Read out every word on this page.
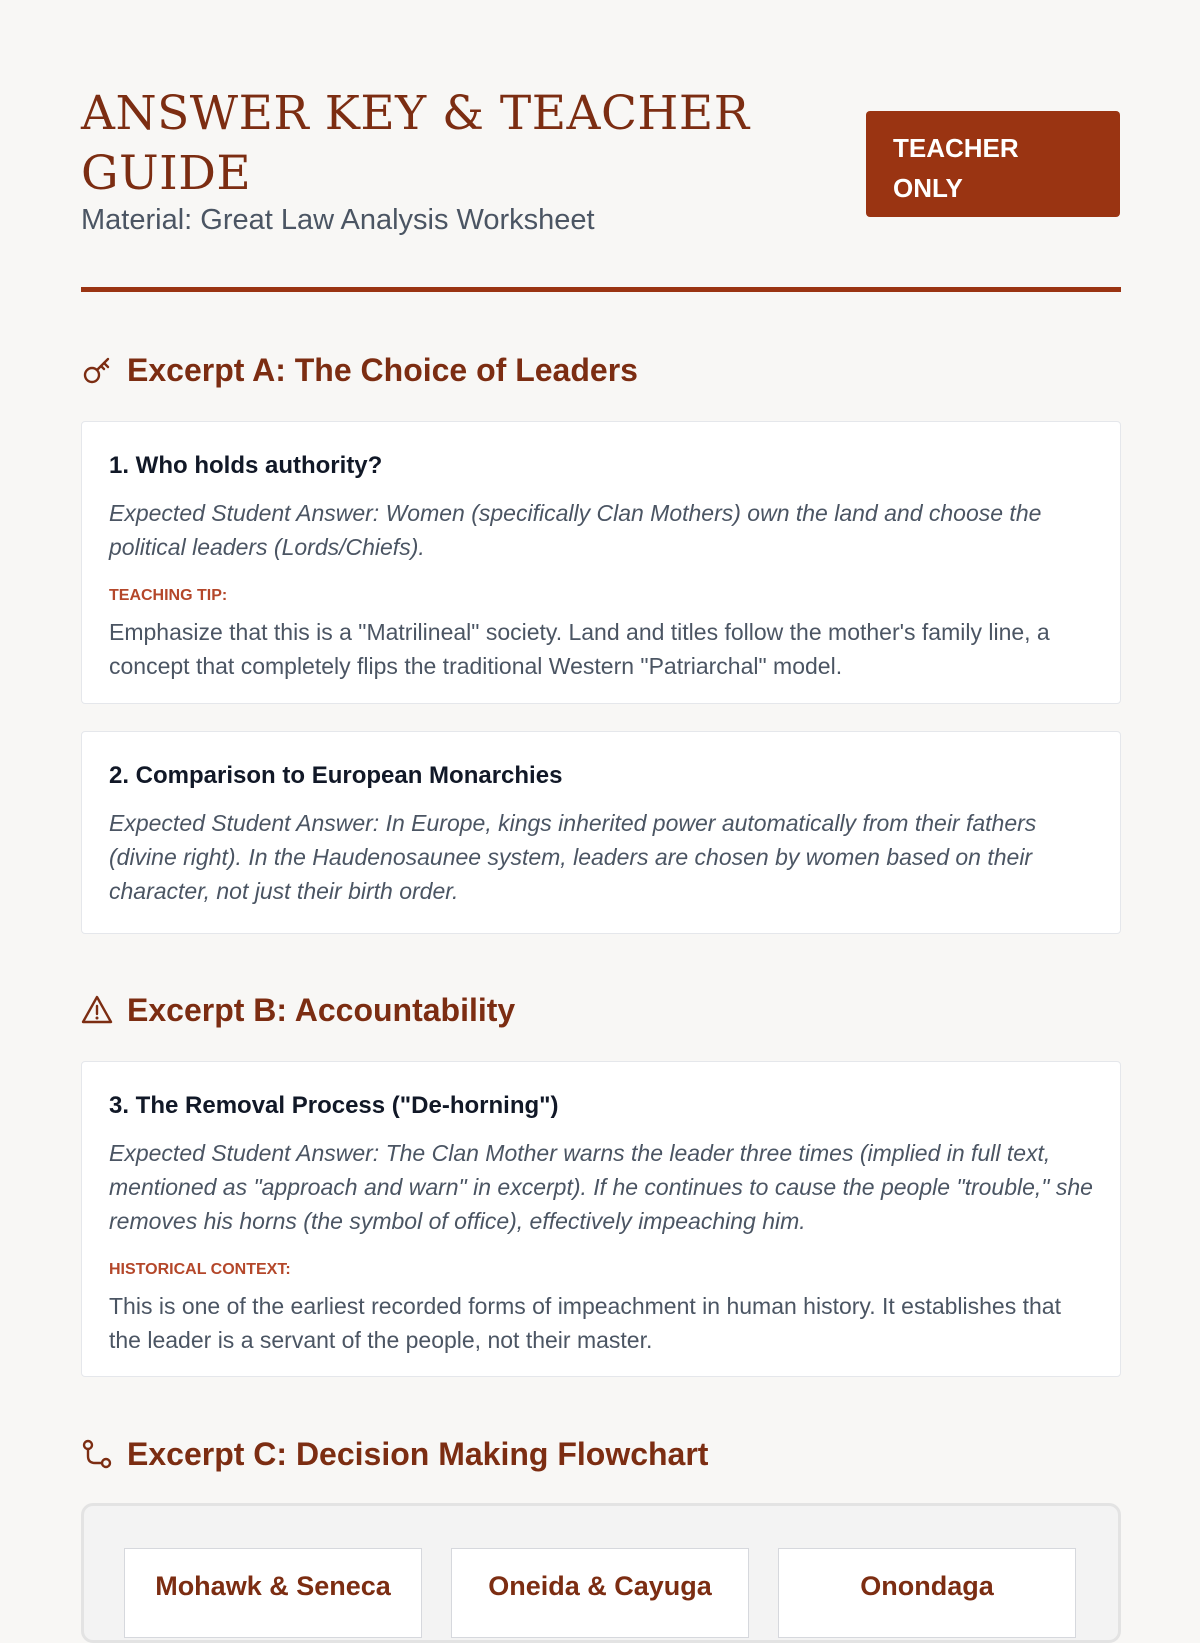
ANSWER KEY & TEACHER GUIDE

Material: Great Law Analysis Worksheet

TEACHER ONLY
Excerpt A: The Choice of Leaders

1. Who holds authority?

Expected Student Answer: Women (specifically Clan Mothers) own the land and choose the political leaders (Lords/Chiefs).

TEACHING TIP:

Emphasize that this is a "Matrilineal" society. Land and titles follow the mother's family line, a concept that completely flips the traditional Western "Patriarchal" model.

2. Comparison to European Monarchies

Expected Student Answer: In Europe, kings inherited power automatically from their fathers (divine right). In the Haudenosaunee system, leaders are chosen by women based on their character, not just their birth order.

Excerpt B: Accountability

3. The Removal Process ("De-horning")

Expected Student Answer: The Clan Mother warns the leader three times (implied in full text, mentioned as "approach and warn" in excerpt). If he continues to cause the people "trouble," she removes his horns (the symbol of office), effectively impeaching him.

HISTORICAL CONTEXT:

This is one of the earliest recorded forms of impeachment in human history. It establishes that the leader is a servant of the people, not their master.

Excerpt C: Decision Making Flowchart
Mohawk & Seneca	Oneida & Cayuga	Onondaga
